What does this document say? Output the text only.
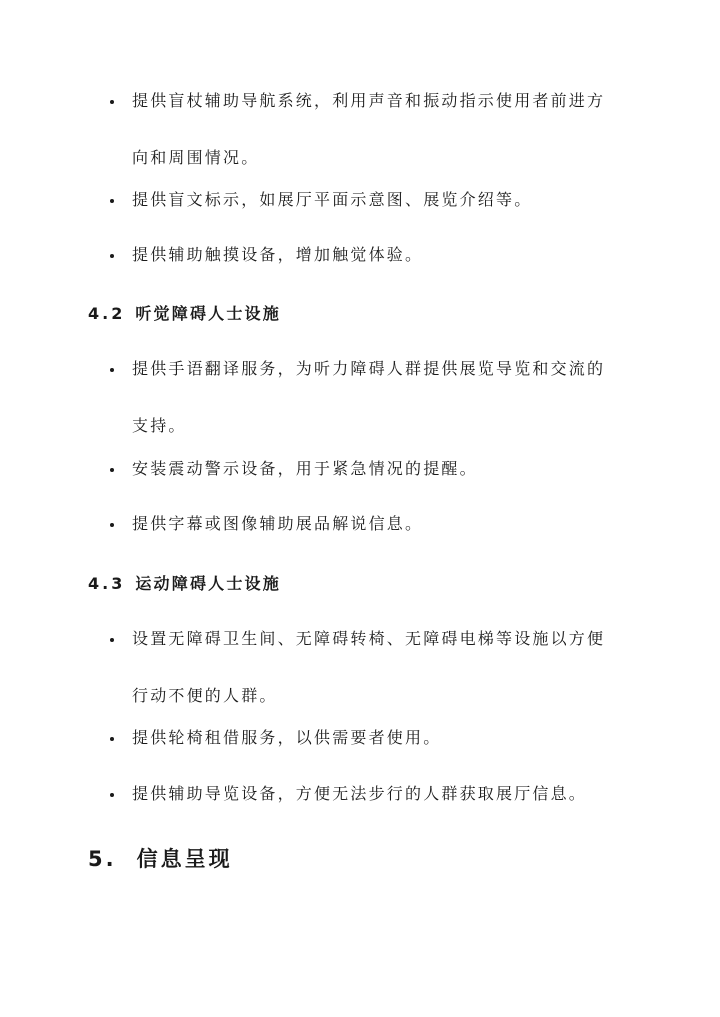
提供盲杖辅助导航系统，利用声音和振动指示使用者前进方
向和周围情况。
提供盲文标示，如展厅平面示意图、展览介绍等。
提供辅助触摸设备，增加触觉体验。
4.2 听觉障碍人士设施
提供手语翻译服务，为听力障碍人群提供展览导览和交流的
支持。
安装震动警示设备，用于紧急情况的提醒。
提供字幕或图像辅助展品解说信息。
4.3 运动障碍人士设施
设置无障碍卫生间、无障碍转椅、无障碍电梯等设施以方便
行动不便的人群。
提供轮椅租借服务，以供需要者使用。
提供辅助导览设备，方便无法步行的人群获取展厅信息。
5. 信息呈现
